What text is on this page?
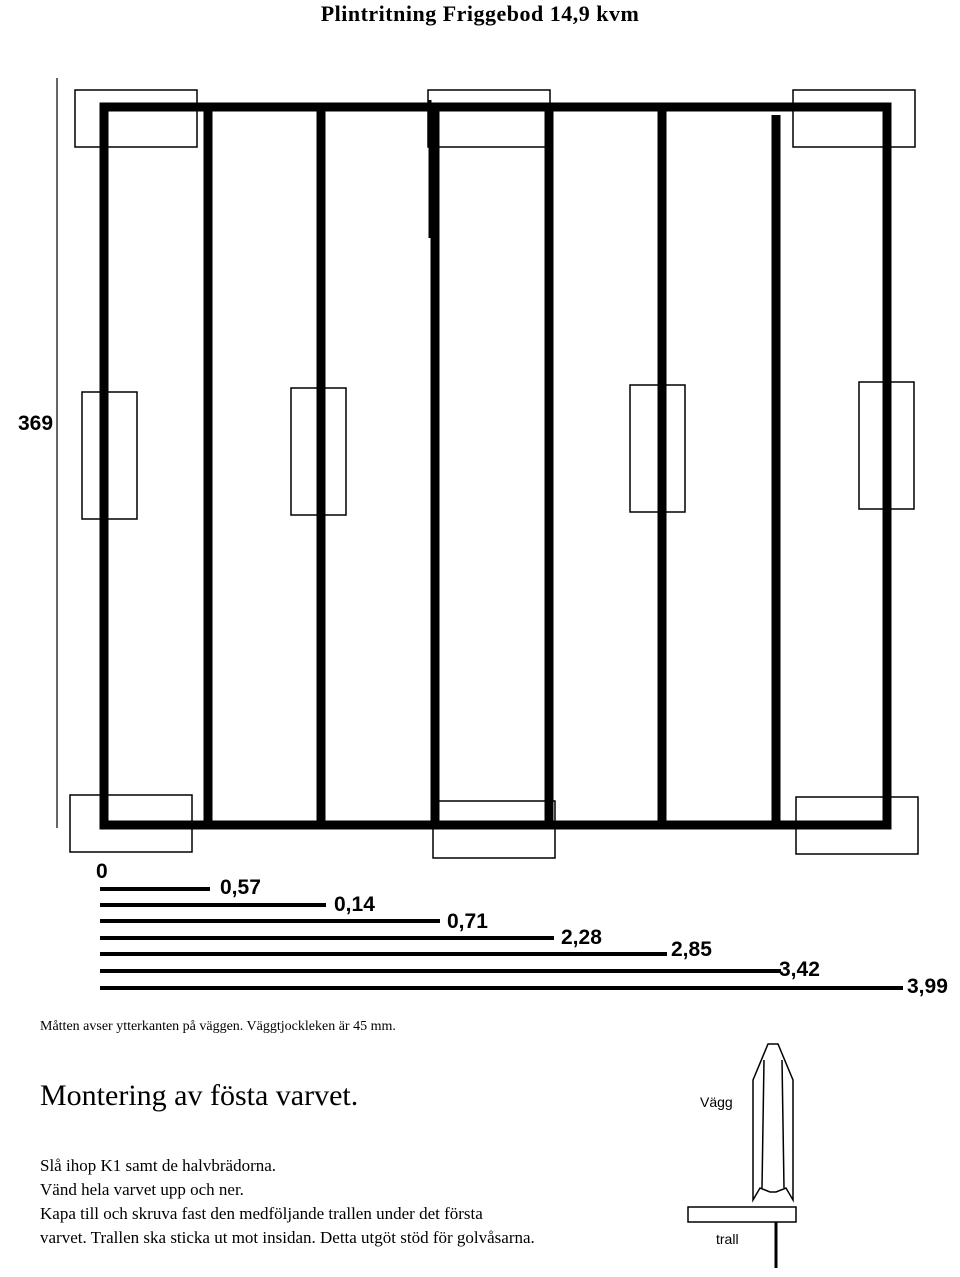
Plintritning Friggebod 14,9 kvm
369
0
0,57
0,14
0,71
2,28
2,85
3,42
3,99
Måtten avser ytterkanten på väggen. Väggtjockleken är 45 mm.
Montering av fösta varvet.
Slå ihop K1 samt de halvbrädorna.
Vänd hela varvet upp och ner.
Kapa till och skruva fast den medföljande trallen under det första
varvet. Trallen ska sticka ut mot insidan. Detta utgöt stöd för golvåsarna.
Vägg
trall
